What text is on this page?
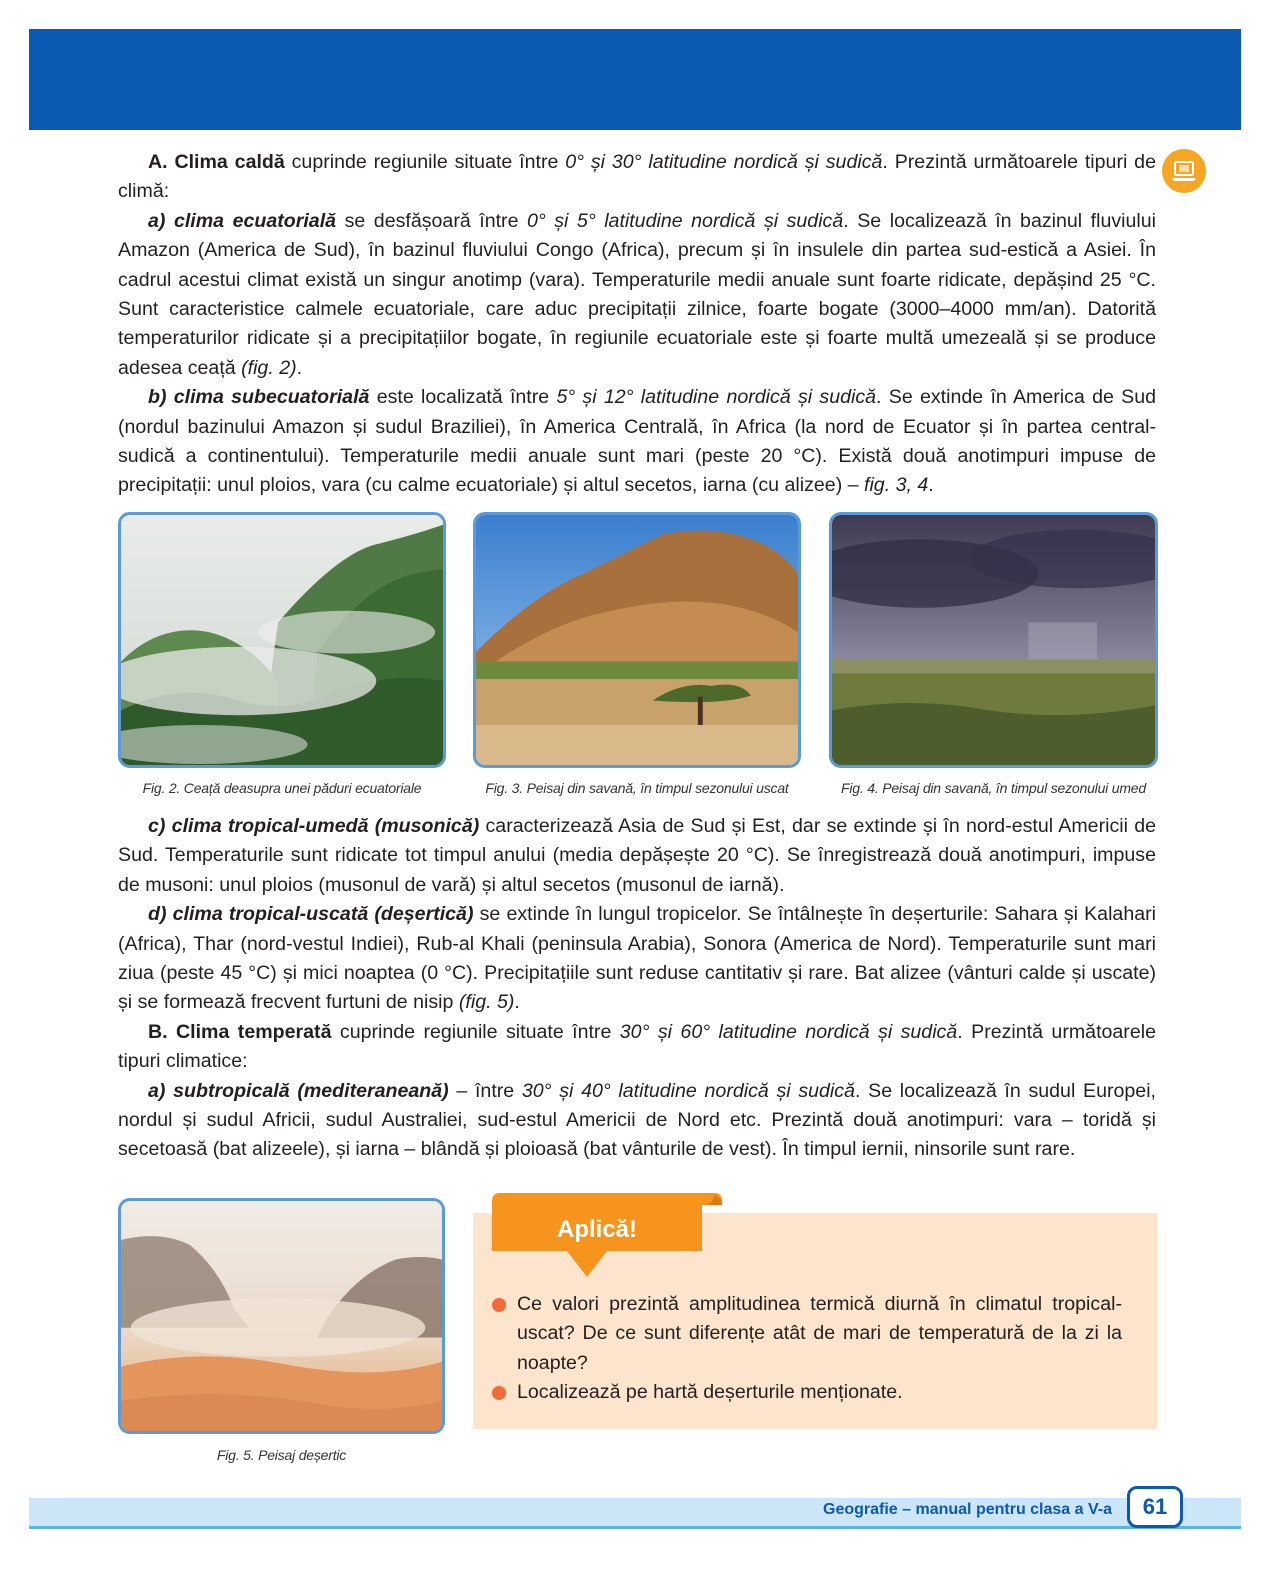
A. Clima caldă cuprinde regiunile situate între 0° și 30° latitudine nordică și sudică. Prezintă următoarele tipuri de climă:

a) clima ecuatorială se desfășoară între 0° și 5° latitudine nordică și sudică. Se localizează în bazinul fluviului Amazon (America de Sud), în bazinul fluviului Congo (Africa), precum și în insulele din partea sud-estică a Asiei. În cadrul acestui climat există un singur anotimp (vara). Temperaturile medii anuale sunt foarte ridicate, depășind 25 °C. Sunt caracteristice calmele ecuatoriale, care aduc precipitații zilnice, foarte bogate (3000–4000 mm/an). Datorită temperaturilor ridicate și a precipitațiilor bogate, în regiunile ecuatoriale este și foarte multă umezeală și se produce adesea ceață (fig. 2).

b) clima subecuatorială este localizată între 5° și 12° latitudine nordică și sudică. Se extinde în America de Sud (nordul bazinului Amazon și sudul Braziliei), în America Centrală, în Africa (la nord de Ecuator și în partea central-sudică a continentului). Temperaturile medii anuale sunt mari (peste 20 °C). Există două anotimpuri impuse de precipitații: unul ploios, vara (cu calme ecuatoriale) și altul secetos, iarna (cu alizee) – fig. 3, 4.

Fig. 2. Ceață deasupra unei păduri ecuatoriale	Fig. 3. Peisaj din savană, în timpul sezonului uscat	Fig. 4. Peisaj din savană, în timpul sezonului umed

c) clima tropical-umedă (musonică) caracterizează Asia de Sud și Est, dar se extinde și în nord-estul Americii de Sud. Temperaturile sunt ridicate tot timpul anului (media depășește 20 °C). Se înregistrează două anotimpuri, impuse de musoni: unul ploios (musonul de vară) și altul secetos (musonul de iarnă).

d) clima tropical-uscată (deșertică) se extinde în lungul tropicelor. Se întâlnește în deșerturile: Sahara și Kalahari (Africa), Thar (nord-vestul Indiei), Rub-al Khali (peninsula Arabia), Sonora (America de Nord). Temperaturile sunt mari ziua (peste 45 °C) și mici noaptea (0 °C). Precipitațiile sunt reduse cantitativ și rare. Bat alizee (vânturi calde și uscate) și se formează frecvent furtuni de nisip (fig. 5).

B. Clima temperată cuprinde regiunile situate între 30° și 60° latitudine nordică și sudică. Prezintă următoarele tipuri climatice:

a) subtropicală (mediteraneană) – între 30° și 40° latitudine nordică și sudică. Se localizează în sudul Europei, nordul și sudul Africii, sudul Australiei, sud-estul Americii de Nord etc. Prezintă două anotimpuri: vara – toridă și secetoasă (bat alizeele), și iarna – blândă și ploioasă (bat vânturile de vest). În timpul iernii, ninsorile sunt rare.

Fig. 5. Peisaj deșertic
Aplică!
Ce valori prezintă amplitudinea termică diurnă în climatul tropical-uscat? De ce sunt diferențe atât de mari de temperatură de la zi la noapte?
Localizează pe hartă deșerturile menționate.
Geografie – manual pentru clasa a V-a	61
